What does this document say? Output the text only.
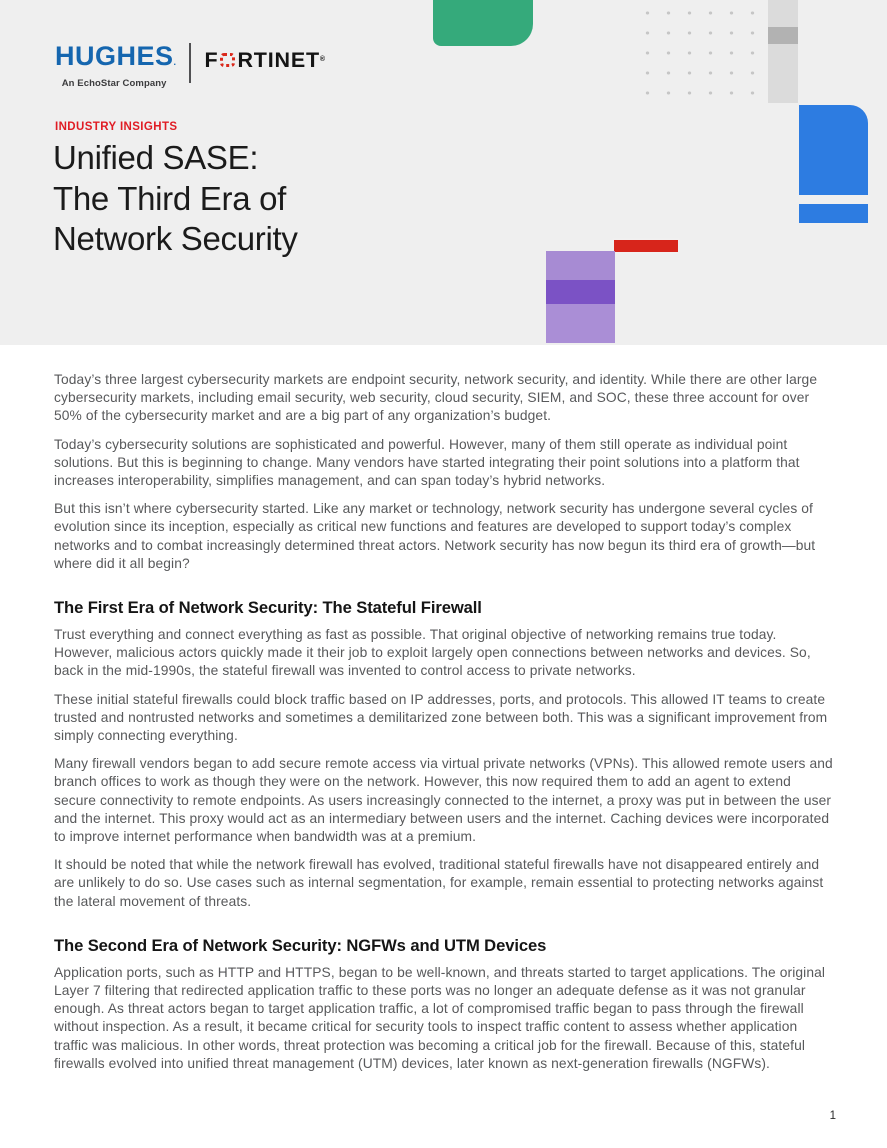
HUGHES.
An EchoStar Company
F RTINET ®
INDUSTRY INSIGHTS
Unified SASE:
The Third Era of
Network Security

Today’s three largest cybersecurity markets are endpoint security, network security, and identity. While there are other large cybersecurity markets, including email security, web security, cloud security, SIEM, and SOC, these three account for over 50% of the cybersecurity market and are a big part of any organization’s budget.

Today’s cybersecurity solutions are sophisticated and powerful. However, many of them still operate as individual point solutions. But this is beginning to change. Many vendors have started integrating their point solutions into a platform that increases interoperability, simplifies management, and can span today’s hybrid networks.

But this isn’t where cybersecurity started. Like any market or technology, network security has undergone several cycles of evolution since its inception, especially as critical new functions and features are developed to support today’s complex networks and to combat increasingly determined threat actors. Network security has now begun its third era of growth—but where did it all begin?

The First Era of Network Security: The Stateful Firewall

Trust everything and connect everything as fast as possible. That original objective of networking remains true today. However, malicious actors quickly made it their job to exploit largely open connections between networks and devices. So, back in the mid-1990s, the stateful firewall was invented to control access to private networks.

These initial stateful firewalls could block traffic based on IP addresses, ports, and protocols. This allowed IT teams to create trusted and nontrusted networks and sometimes a demilitarized zone between both. This was a significant improvement from simply connecting everything.

Many firewall vendors began to add secure remote access via virtual private networks (VPNs). This allowed remote users and branch offices to work as though they were on the network. However, this now required them to add an agent to extend secure connectivity to remote endpoints. As users increasingly connected to the internet, a proxy was put in between the user and the internet. This proxy would act as an intermediary between users and the internet. Caching devices were incorporated to improve internet performance when bandwidth was at a premium.

It should be noted that while the network firewall has evolved, traditional stateful firewalls have not disappeared entirely and are unlikely to do so. Use cases such as internal segmentation, for example, remain essential to protecting networks against the lateral movement of threats.

The Second Era of Network Security: NGFWs and UTM Devices

Application ports, such as HTTP and HTTPS, began to be well-known, and threats started to target applications. The original Layer 7 filtering that redirected application traffic to these ports was no longer an adequate defense as it was not granular enough. As threat actors began to target application traffic, a lot of compromised traffic began to pass through the firewall without inspection. As a result, it became critical for security tools to inspect traffic content to assess whether application traffic was malicious. In other words, threat protection was becoming a critical job for the firewall. Because of this, stateful firewalls evolved into unified threat management (UTM) devices, later known as next-generation firewalls (NGFWs).

1
